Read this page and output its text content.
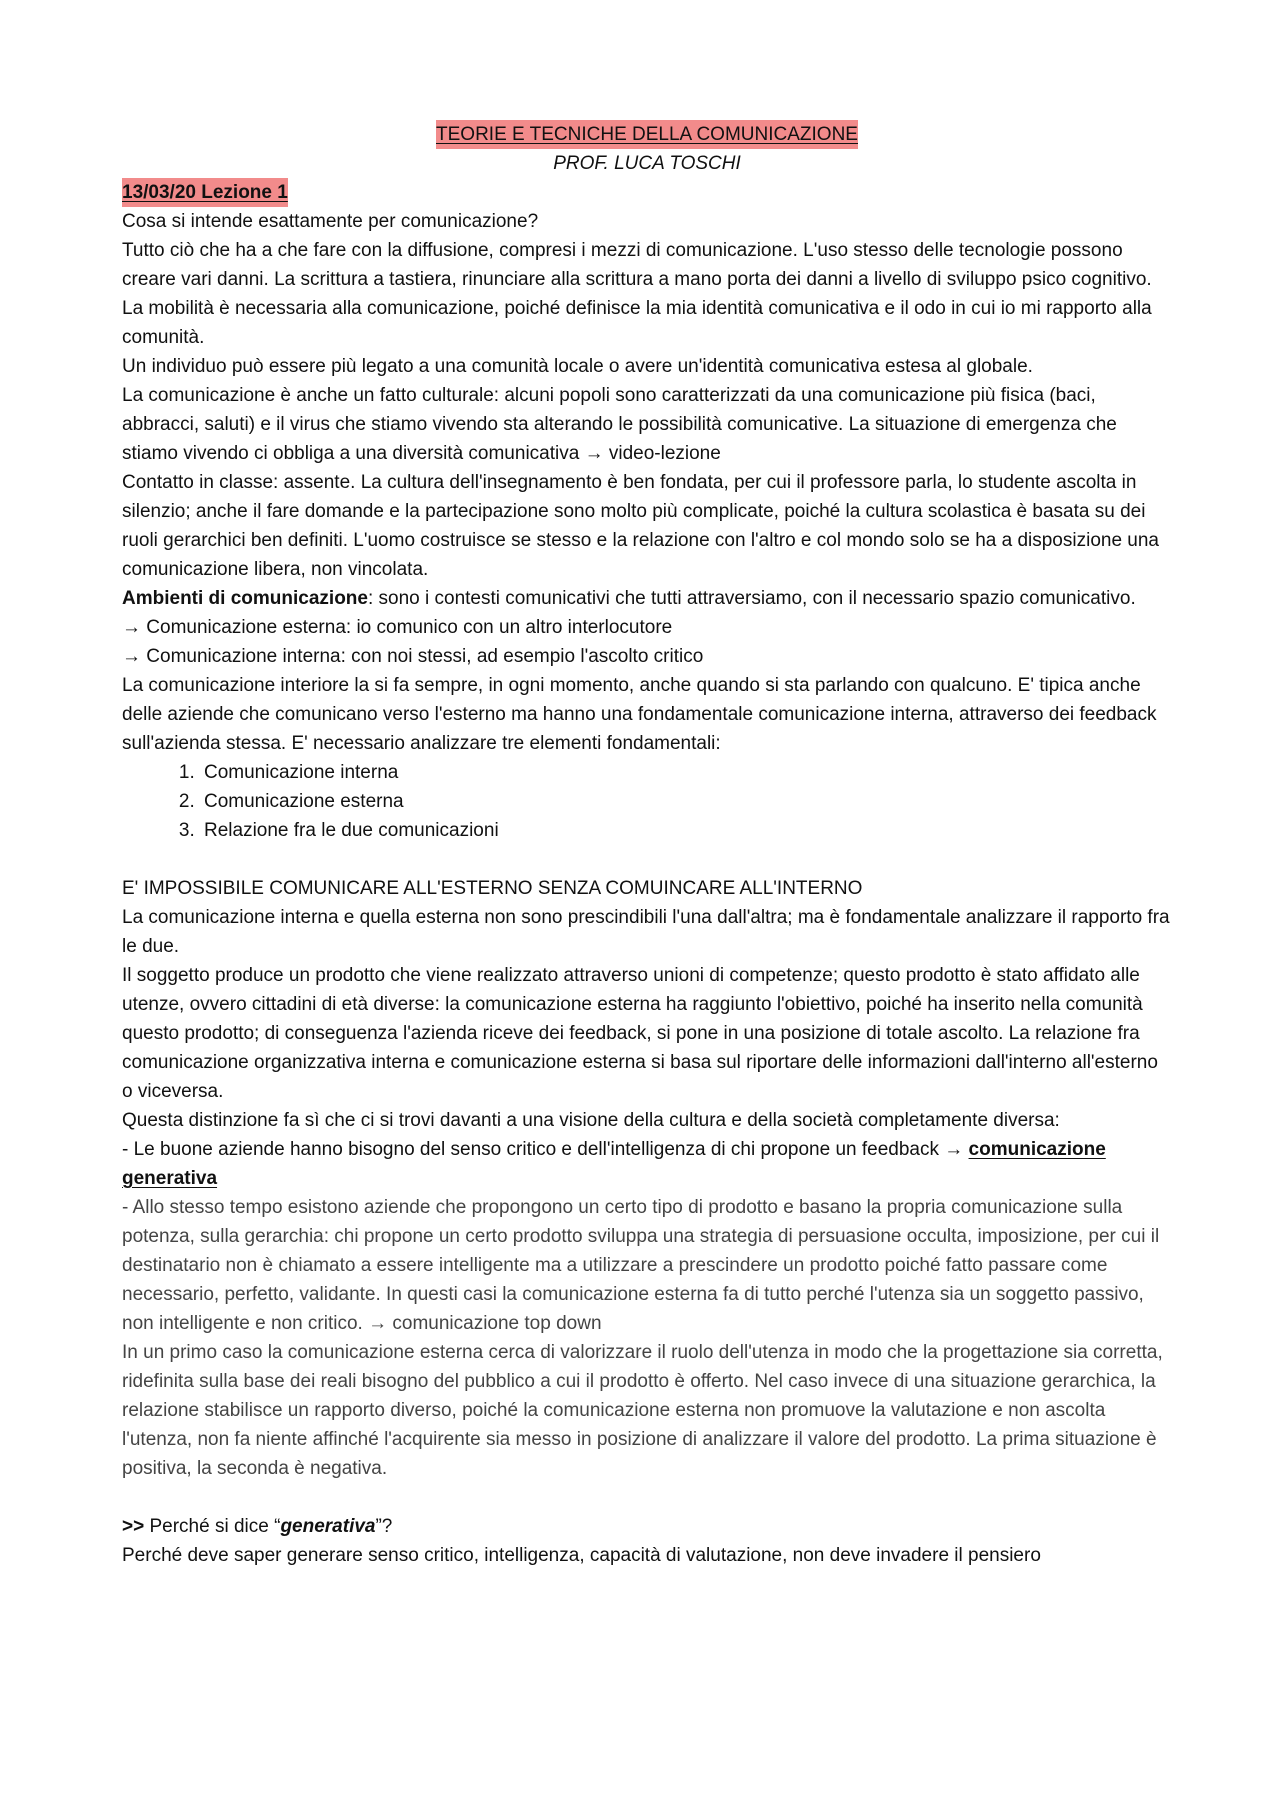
TEORIE E TECNICHE DELLA COMUNICAZIONE
PROF. LUCA TOSCHI
13/03/20 Lezione 1

Cosa si intende esattamente per comunicazione?

Tutto ciò che ha a che fare con la diffusione, compresi i mezzi di comunicazione. L'uso stesso delle tecnologie possono creare vari danni. La scrittura a tastiera, rinunciare alla scrittura a mano porta dei danni a livello di sviluppo psico cognitivo. La mobilità è necessaria alla comunicazione, poiché definisce la mia identità comunicativa e il odo in cui io mi rapporto alla comunità.

Un individuo può essere più legato a una comunità locale o avere un'identità comunicativa estesa al globale.

La comunicazione è anche un fatto culturale: alcuni popoli sono caratterizzati da una comunicazione più fisica (baci, abbracci, saluti) e il virus che stiamo vivendo sta alterando le possibilità comunicative. La situazione di emergenza che stiamo vivendo ci obbliga a una diversità comunicativa → video-lezione

Contatto in classe: assente. La cultura dell'insegnamento è ben fondata, per cui il professore parla, lo studente ascolta in silenzio; anche il fare domande e la partecipazione sono molto più complicate, poiché la cultura scolastica è basata su dei ruoli gerarchici ben definiti. L'uomo costruisce se stesso e la relazione con l'altro e col mondo solo se ha a disposizione una comunicazione libera, non vincolata.

Ambienti di comunicazione: sono i contesti comunicativi che tutti attraversiamo, con il necessario spazio comunicativo.

→ Comunicazione esterna: io comunico con un altro interlocutore

→ Comunicazione interna: con noi stessi, ad esempio l'ascolto critico

La comunicazione interiore la si fa sempre, in ogni momento, anche quando si sta parlando con qualcuno. E' tipica anche delle aziende che comunicano verso l'esterno ma hanno una fondamentale comunicazione interna, attraverso dei feedback sull'azienda stessa. E' necessario analizzare tre elementi fondamentali:

1. Comunicazione interna
2. Comunicazione esterna
3. Relazione fra le due comunicazioni

E' IMPOSSIBILE COMUNICARE ALL'ESTERNO SENZA COMUINCARE ALL'INTERNO

La comunicazione interna e quella esterna non sono prescindibili l'una dall'altra; ma è fondamentale analizzare il rapporto fra le due.

Il soggetto produce un prodotto che viene realizzato attraverso unioni di competenze; questo prodotto è stato affidato alle utenze, ovvero cittadini di età diverse: la comunicazione esterna ha raggiunto l'obiettivo, poiché ha inserito nella comunità questo prodotto; di conseguenza l'azienda riceve dei feedback, si pone in una posizione di totale ascolto. La relazione fra comunicazione organizzativa interna e comunicazione esterna si basa sul riportare delle informazioni dall'interno all'esterno o viceversa.

Questa distinzione fa sì che ci si trovi davanti a una visione della cultura e della società completamente diversa:

- Le buone aziende hanno bisogno del senso critico e dell'intelligenza di chi propone un feedback → comunicazione generativa

- Allo stesso tempo esistono aziende che propongono un certo tipo di prodotto e basano la propria comunicazione sulla potenza, sulla gerarchia: chi propone un certo prodotto sviluppa una strategia di persuasione occulta, imposizione, per cui il destinatario non è chiamato a essere intelligente ma a utilizzare a prescindere un prodotto poiché fatto passare come necessario, perfetto, validante. In questi casi la comunicazione esterna fa di tutto perché l'utenza sia un soggetto passivo, non intelligente e non critico. → comunicazione top down

In un primo caso la comunicazione esterna cerca di valorizzare il ruolo dell'utenza in modo che la progettazione sia corretta, ridefinita sulla base dei reali bisogno del pubblico a cui il prodotto è offerto. Nel caso invece di una situazione gerarchica, la relazione stabilisce un rapporto diverso, poiché la comunicazione esterna non promuove la valutazione e non ascolta l'utenza, non fa niente affinché l'acquirente sia messo in posizione di analizzare il valore del prodotto. La prima situazione è positiva, la seconda è negativa.

>> Perché si dice “generativa”?

Perché deve saper generare senso critico, intelligenza, capacità di valutazione, non deve invadere il pensiero
